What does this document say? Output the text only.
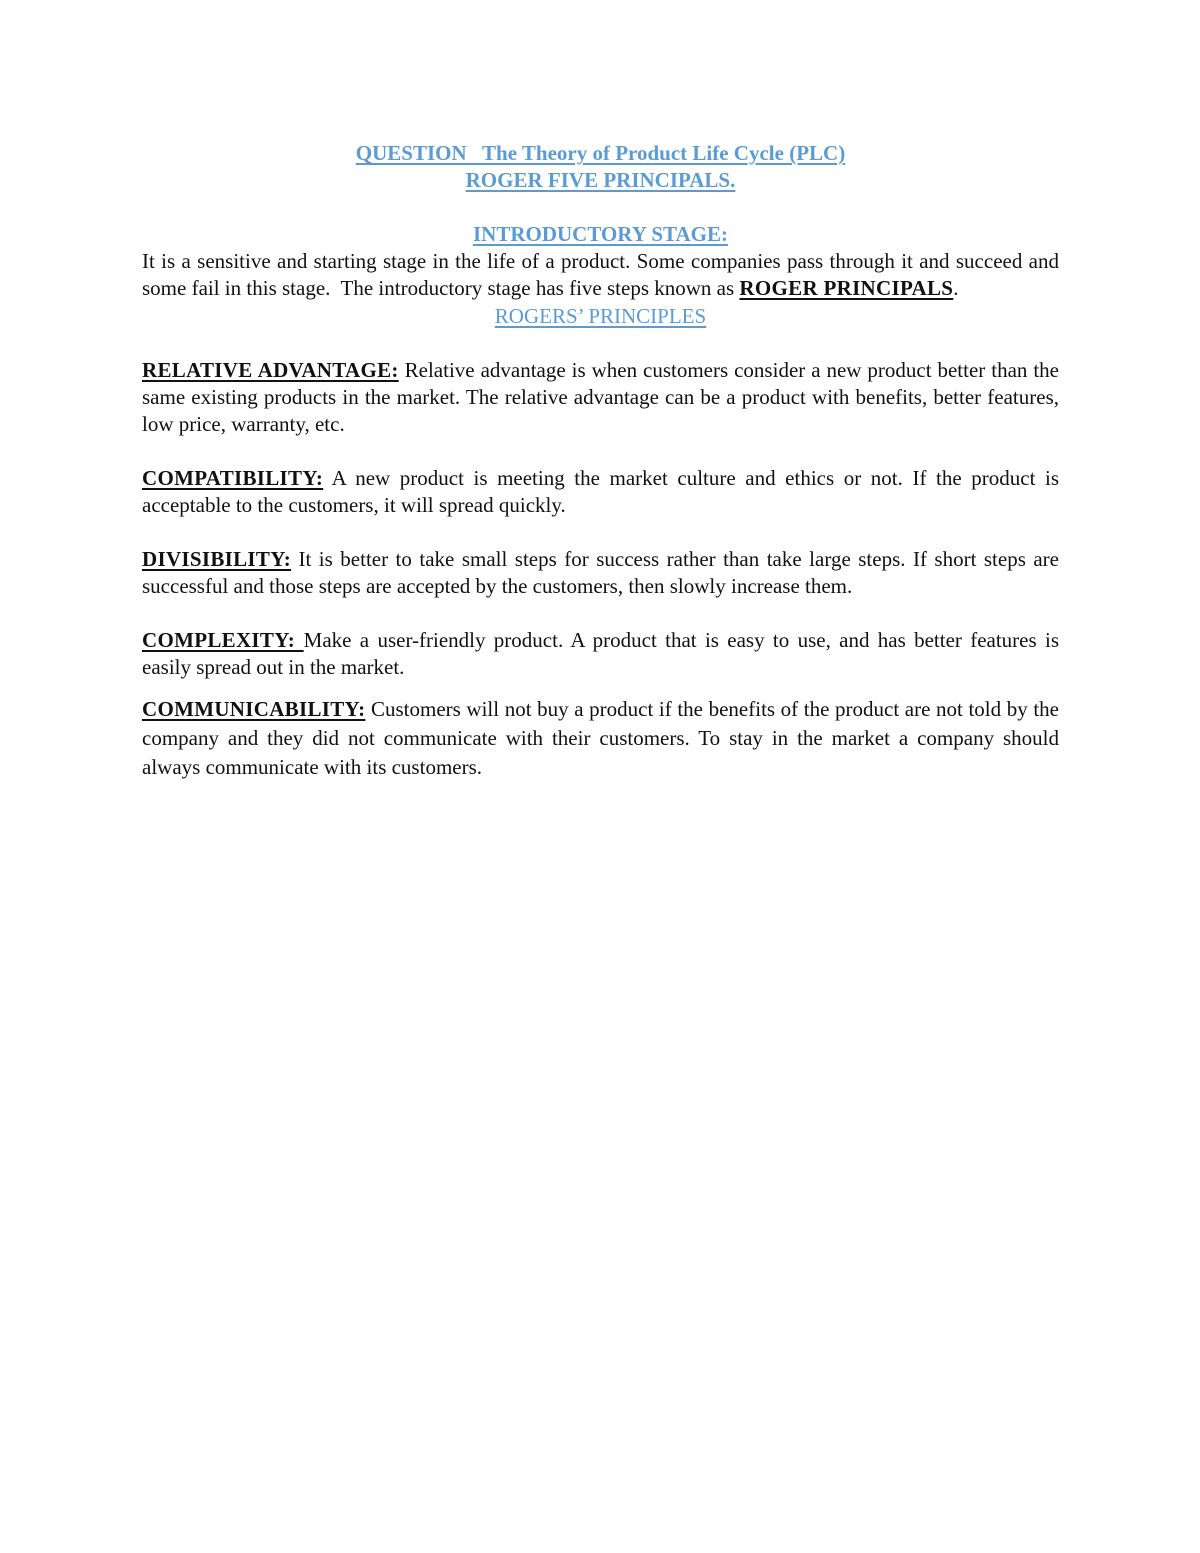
QUESTION   The Theory of Product Life Cycle (PLC)
ROGER FIVE PRINCIPALS.
INTRODUCTORY STAGE:

It is a sensitive and starting stage in the life of a product. Some companies pass through it and succeed and some fail in this stage.  The introductory stage has five steps known as ROGER PRINCIPALS.

ROGERS’ PRINCIPLES

RELATIVE ADVANTAGE: Relative advantage is when customers consider a new product better than the same existing products in the market. The relative advantage can be a product with benefits, better features, low price, warranty, etc.

COMPATIBILITY: A new product is meeting the market culture and ethics or not. If the product is acceptable to the customers, it will spread quickly.

DIVISIBILITY: It is better to take small steps for success rather than take large steps. If short steps are successful and those steps are accepted by the customers, then slowly increase them.

COMPLEXITY: Make a user-friendly product. A product that is easy to use, and has better features is easily spread out in the market.

COMMUNICABILITY: Customers will not buy a product if the benefits of the product are not told by the company and they did not communicate with their customers. To stay in the market a company should always communicate with its customers.
